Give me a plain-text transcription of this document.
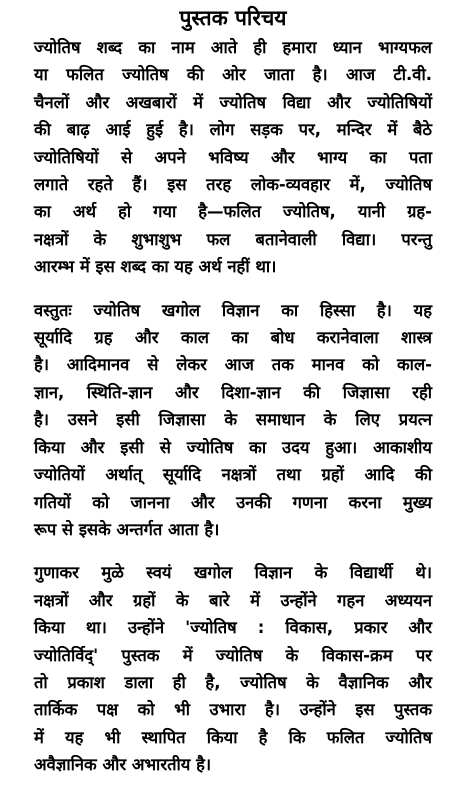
पुस्तक परिचय

ज्योतिष शब्द का नाम आते ही हमारा ध्यान भाग्यफल
या फलित ज्योतिष की ओर जाता है। आज टी.वी.
चैनलों और अखबारों में ज्योतिष विद्या और ज्योतिषियों
की बाढ़ आई हुई है। लोग सड़क पर, मन्दिर में बैठे
ज्योतिषियों से अपने भविष्य और भाग्य का पता
लगाते रहते हैं। इस तरह लोक-व्यवहार में, ज्योतिष
का अर्थ हो गया है—फलित ज्योतिष, यानी ग्रह-
नक्षत्रों के शुभाशुभ फल बतानेवाली विद्या। परन्तु
आरम्भ में इस शब्द का यह अर्थ नहीं था।

वस्तुतः ज्योतिष खगोल विज्ञान का हिस्सा है। यह
सूर्यादि ग्रह और काल का बोध करानेवाला शास्त्र
है। आदिमानव से लेकर आज तक मानव को काल-
ज्ञान, स्थिति-ज्ञान और दिशा-ज्ञान की जिज्ञासा रही
है। उसने इसी जिज्ञासा के समाधान के लिए प्रयत्न
किया और इसी से ज्योतिष का उदय हुआ। आकाशीय
ज्योतियों अर्थात् सूर्यादि नक्षत्रों तथा ग्रहों आदि की
गतियों को जानना और उनकी गणना करना मुख्य
रूप से इसके अन्तर्गत आता है।

गुणाकर मुळे स्वयं खगोल विज्ञान के विद्यार्थी थे।
नक्षत्रों और ग्रहों के बारे में उन्होंने गहन अध्ययन
किया था। उन्होंने 'ज्योतिष : विकास, प्रकार और
ज्योतिर्विद्' पुस्तक में ज्योतिष के विकास-क्रम पर
तो प्रकाश डाला ही है, ज्योतिष के वैज्ञानिक और
तार्किक पक्ष को भी उभारा है। उन्होंने इस पुस्तक
में यह भी स्थापित किया है कि फलित ज्योतिष
अवैज्ञानिक और अभारतीय है।
